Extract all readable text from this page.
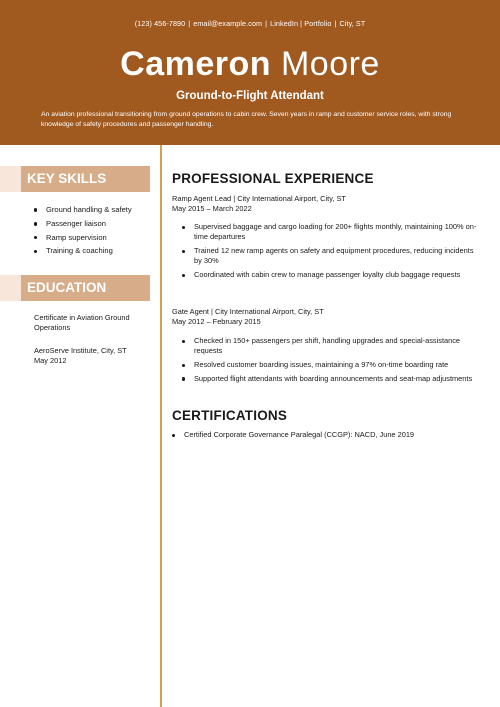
(123) 456-7890 | email@example.com | LinkedIn | Portfolio | City, ST
Cameron Moore
Ground-to-Flight Attendant
An aviation professional transitioning from ground operations to cabin crew. Seven years in ramp and customer service roles, with strong knowledge of safety procedures and passenger handling.
KEY SKILLS
Ground handling & safety
Passenger liaison
Ramp supervision
Training & coaching
EDUCATION
Certificate in Aviation Ground Operations
AeroServe Institute, City, ST
May 2012
PROFESSIONAL EXPERIENCE
Ramp Agent Lead | City International Airport, City, ST
May 2015 – March 2022
Supervised baggage and cargo loading for 200+ flights monthly, maintaining 100% on-time departures
Trained 12 new ramp agents on safety and equipment procedures, reducing incidents by 30%
Coordinated with cabin crew to manage passenger loyalty club baggage requests
Gate Agent | City International Airport, City, ST
May 2012 – February 2015
Checked in 150+ passengers per shift, handling upgrades and special-assistance requests
Resolved customer boarding issues, maintaining a 97% on-time boarding rate
Supported flight attendants with boarding announcements and seat-map adjustments
CERTIFICATIONS
Certified Corporate Governance Paralegal (CCGP): NACD, June 2019
